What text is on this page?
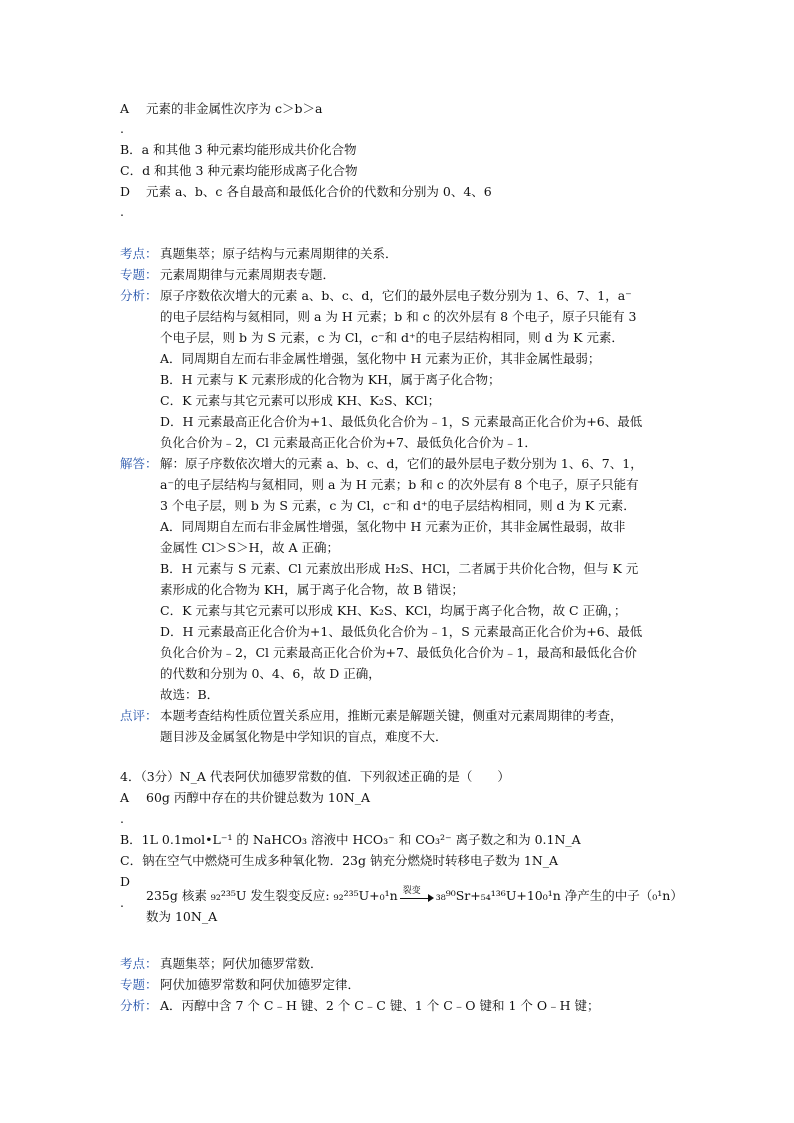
A 元素的非金属性次序为 c＞b＞a
.
B．a 和其他 3 种元素均能形成共价化合物
C．d 和其他 3 种元素均能形成离子化合物
D 元素 a、b、c 各自最高和最低化合价的代数和分别为 0、4、6
.
考点： 真题集萃；原子结构与元素周期律的关系．
专题： 元素周期律与元素周期表专题．
分析： 原子序数依次增大的元素 a、b、c、d，它们的最外层电子数分别为 1、6、7、1，a⁻
的电子层结构与氦相同，则 a 为 H 元素；b 和 c 的次外层有 8 个电子，原子只能有 3
个电子层，则 b 为 S 元素，c 为 Cl，c⁻和 d⁺的电子层结构相同，则 d 为 K 元素．
A．同周期自左而右非金属性增强，氢化物中 H 元素为正价，其非金属性最弱；
B．H 元素与 K 元素形成的化合物为 KH，属于离子化合物；
C．K 元素与其它元素可以形成 KH、K₂S、KCl；
D．H 元素最高正化合价为+1、最低负化合价为﹣1，S 元素最高正化合价为+6、最低
负化合价为﹣2，Cl 元素最高正化合价为+7、最低负化合价为﹣1．
解答： 解：原子序数依次增大的元素 a、b、c、d，它们的最外层电子数分别为 1、6、7、1，
a⁻的电子层结构与氦相同，则 a 为 H 元素；b 和 c 的次外层有 8 个电子，原子只能有
3 个电子层，则 b 为 S 元素，c 为 Cl，c⁻和 d⁺的电子层结构相同，则 d 为 K 元素．
A．同周期自左而右非金属性增强，氢化物中 H 元素为正价，其非金属性最弱，故非
金属性 Cl＞S＞H，故 A 正确；
B．H 元素与 S 元素、Cl 元素放出形成 H₂S、HCl，二者属于共价化合物，但与 K 元
素形成的化合物为 KH，属于离子化合物，故 B 错误；
C．K 元素与其它元素可以形成 KH、K₂S、KCl，均属于离子化合物，故 C 正确，；
D．H 元素最高正化合价为+1、最低负化合价为﹣1，S 元素最高正化合价为+6、最低
负化合价为﹣2，Cl 元素最高正化合价为+7、最低负化合价为﹣1，最高和最低化合价
的代数和分别为 0、4、6，故 D 正确，
故选：B．
点评： 本题考查结构性质位置关系应用，推断元素是解题关键，侧重对元素周期律的考查，
题目涉及金属氢化物是中学知识的盲点，难度不大．
4．（3分）N_A 代表阿伏加德罗常数的值．下列叙述正确的是（　　）
A 60g 丙醇中存在的共价键总数为 10N_A
.
B．1L 0.1mol•L⁻¹ 的 NaHCO₃ 溶液中 HCO₃⁻ 和 CO₃²⁻ 离子数之和为 0.1N_A
C．钠在空气中燃烧可生成多种氧化物．23g 钠充分燃烧时转移电子数为 1N_A
D
. 235g 核素 ₉₂²³⁵U 发生裂变反应: ₉₂²³⁵U+₀¹n 裂变 ₃₈⁹⁰Sr+₅₄¹³⁶U+10₀¹n 净产生的中子（₀¹n）
数为 10N_A
考点： 真题集萃；阿伏加德罗常数．
专题： 阿伏加德罗常数和阿伏加德罗定律．
分析： A．丙醇中含 7 个 C﹣H 键、2 个 C﹣C 键、1 个 C﹣O 键和 1 个 O﹣H 键；
